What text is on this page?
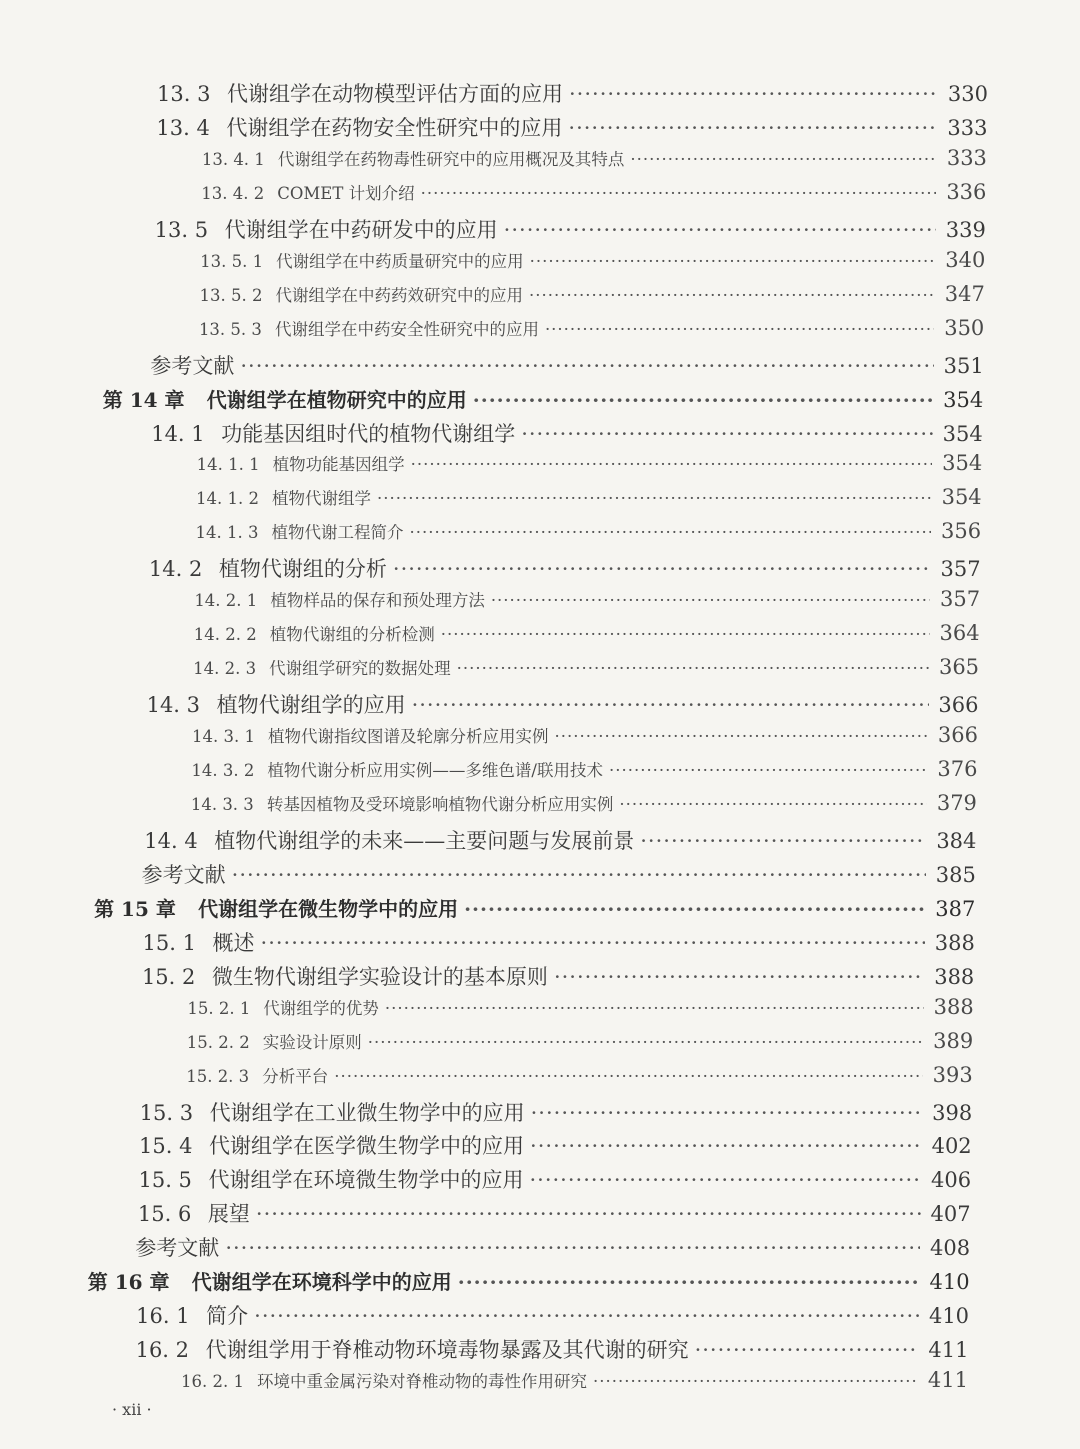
13. 3 代谢组学在动物模型评估方面的应用 ·····	330
13. 4 代谢组学在药物安全性研究中的应用 ·····	333
13. 4. 1 代谢组学在药物毒性研究中的应用概况及其特点 ·····	333
13. 4. 2 COMET 计划介绍 ·····	336
13. 5 代谢组学在中药研发中的应用 ·····	339
13. 5. 1 代谢组学在中药质量研究中的应用 ·····	340
13. 5. 2 代谢组学在中药药效研究中的应用 ·····	347
13. 5. 3 代谢组学在中药安全性研究中的应用 ·····	350
参考文献 ·····	351
第 14 章	代谢组学在植物研究中的应用 ·····	354
14. 1 功能基因组时代的植物代谢组学 ·····	354
14. 1. 1 植物功能基因组学 ·····	354
14. 1. 2 植物代谢组学 ·····	354
14. 1. 3 植物代谢工程简介 ·····	356
14. 2 植物代谢组的分析 ·····	357
14. 2. 1 植物样品的保存和预处理方法 ·····	357
14. 2. 2 植物代谢组的分析检测 ·····	364
14. 2. 3 代谢组学研究的数据处理 ·····	365
14. 3 植物代谢组学的应用 ·····	366
14. 3. 1 植物代谢指纹图谱及轮廓分析应用实例 ·····	366
14. 3. 2 植物代谢分析应用实例——多维色谱/联用技术 ·····	376
14. 3. 3 转基因植物及受环境影响植物代谢分析应用实例 ·····	379
14. 4 植物代谢组学的未来——主要问题与发展前景 ·····	384
参考文献 ·····	385
第 15 章	代谢组学在微生物学中的应用 ·····	387
15. 1 概述 ·····	388
15. 2 微生物代谢组学实验设计的基本原则 ·····	388
15. 2. 1 代谢组学的优势 ·····	388
15. 2. 2 实验设计原则 ·····	389
15. 2. 3 分析平台 ·····	393
15. 3 代谢组学在工业微生物学中的应用 ·····	398
15. 4 代谢组学在医学微生物学中的应用 ·····	402
15. 5 代谢组学在环境微生物学中的应用 ·····	406
15. 6 展望 ·····	407
参考文献 ·····	408
第 16 章	代谢组学在环境科学中的应用 ·····	410
16. 1 简介 ·····	410
16. 2 代谢组学用于脊椎动物环境毒物暴露及其代谢的研究 ·····	411
16. 2. 1 环境中重金属污染对脊椎动物的毒性作用研究 ·····	411
· xii ·
